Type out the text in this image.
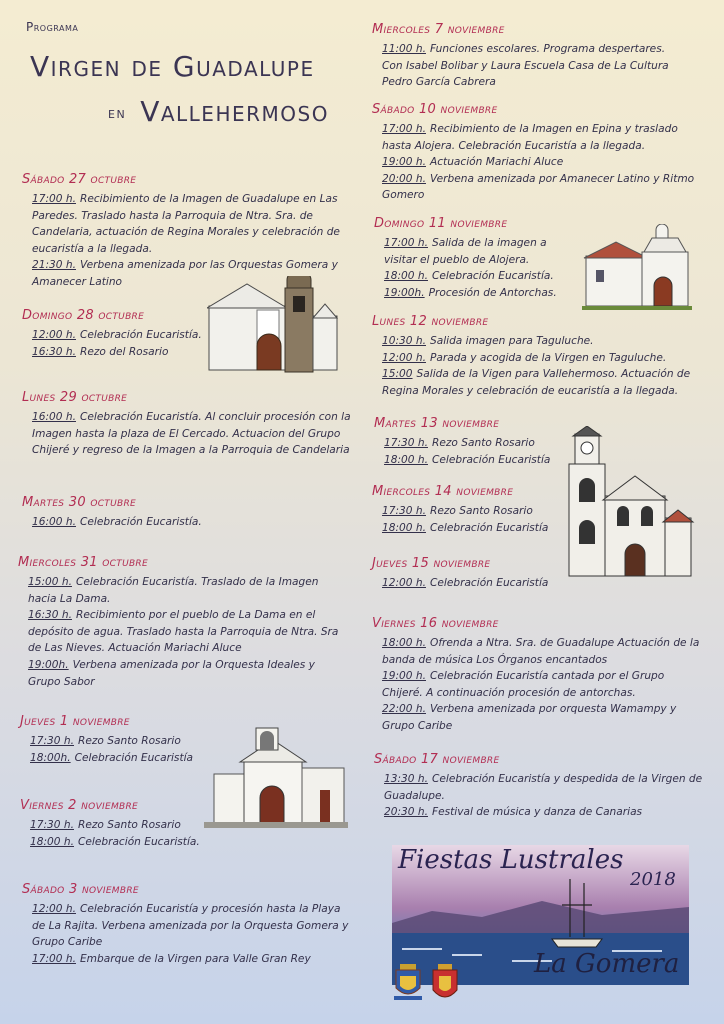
Programa
Virgen de Guadalupe
en Vallehermoso
Sábado 27 octubre
17:00 h. Recibimiento de la Imagen de Guadalupe en Las Paredes. Traslado hasta la Parroquia de Ntra. Sra. de Candelaria, actuación de Regina Morales y celebración de eucaristía a la llegada.
21:30 h. Verbena amenizada por las Orquestas Gomera y Amanecer Latino
Domingo 28 octubre
12:00 h. Celebración Eucaristía.
16:30 h. Rezo del Rosario
Lunes 29 octubre
16:00 h. Celebración Eucaristía. Al concluir procesión con la Imagen hasta la plaza de El Cercado. Actuacion del Grupo Chijeré y regreso de la Imagen a la Parroquia de Candelaria
Martes 30 octubre
16:00 h. Celebración Eucaristía.
Miercoles 31 octubre
15:00 h. Celebración Eucaristía. Traslado de la Imagen hacia La Dama.
16:30 h. Recibimiento por el pueblo de La Dama en el depósito de agua. Traslado hasta la Parroquia de Ntra. Sra de Las Nieves. Actuación Mariachi Aluce
19:00h. Verbena amenizada por la Orquesta Ideales y Grupo Sabor
Jueves 1 noviembre
17:30 h. Rezo Santo Rosario
18:00h. Celebración Eucaristía
Viernes 2 noviembre
17:30 h. Rezo Santo Rosario
18:00 h. Celebración Eucaristía.
Sábado 3 noviembre
12:00 h. Celebración Eucaristía y procesión hasta la Playa de La Rajita. Verbena amenizada por la Orquesta Gomera y Grupo Caribe
17:00 h. Embarque de la Virgen para Valle Gran Rey
Miercoles 7 noviembre
11:00 h. Funciones escolares. Programa despertares. Con Isabel Bolibar y Laura Escuela Casa de La Cultura Pedro García Cabrera
Sábado 10 noviembre
17:00 h. Recibimiento de la Imagen en Epina y traslado hasta Alojera. Celebración Eucaristía a la llegada.
19:00 h. Actuación Mariachi Aluce
20:00 h. Verbena amenizada por Amanecer Latino y Ritmo Gomero
Domingo 11 noviembre
17:00 h. Salida de la imagen a visitar el pueblo de Alojera.
18:00 h. Celebración Eucaristía.
19:00h. Procesión de Antorchas.
Lunes 12 noviembre
10:30 h. Salida imagen para Taguluche.
12:00 h. Parada y acogida de la Virgen en Taguluche.
15:00 Salida de la Vigen para Vallehermoso. Actuación de Regina Morales y celebración de eucaristía a la llegada.
Martes 13 noviembre
17:30 h. Rezo Santo Rosario
18:00 h. Celebración Eucaristía
Miercoles 14 noviembre
17:30 h. Rezo Santo Rosario
18:00 h. Celebración Eucaristía
Jueves 15 noviembre
12:00 h. Celebración Eucaristía
Viernes 16 noviembre
18:00 h. Ofrenda a Ntra. Sra. de Guadalupe Actuación de la banda de música Los Órganos encantados
19:00 h. Celebración Eucaristía cantada por el Grupo Chijeré. A continuación procesión de antorchas.
22:00 h. Verbena amenizada por orquesta Wamampy y Grupo Caribe
Sábado 17 noviembre
13:30 h. Celebración Eucaristía y despedida de la Virgen de Guadalupe.
20:30 h. Festival de música y danza de Canarias
Fiestas Lustrales
2018
La Gomera
